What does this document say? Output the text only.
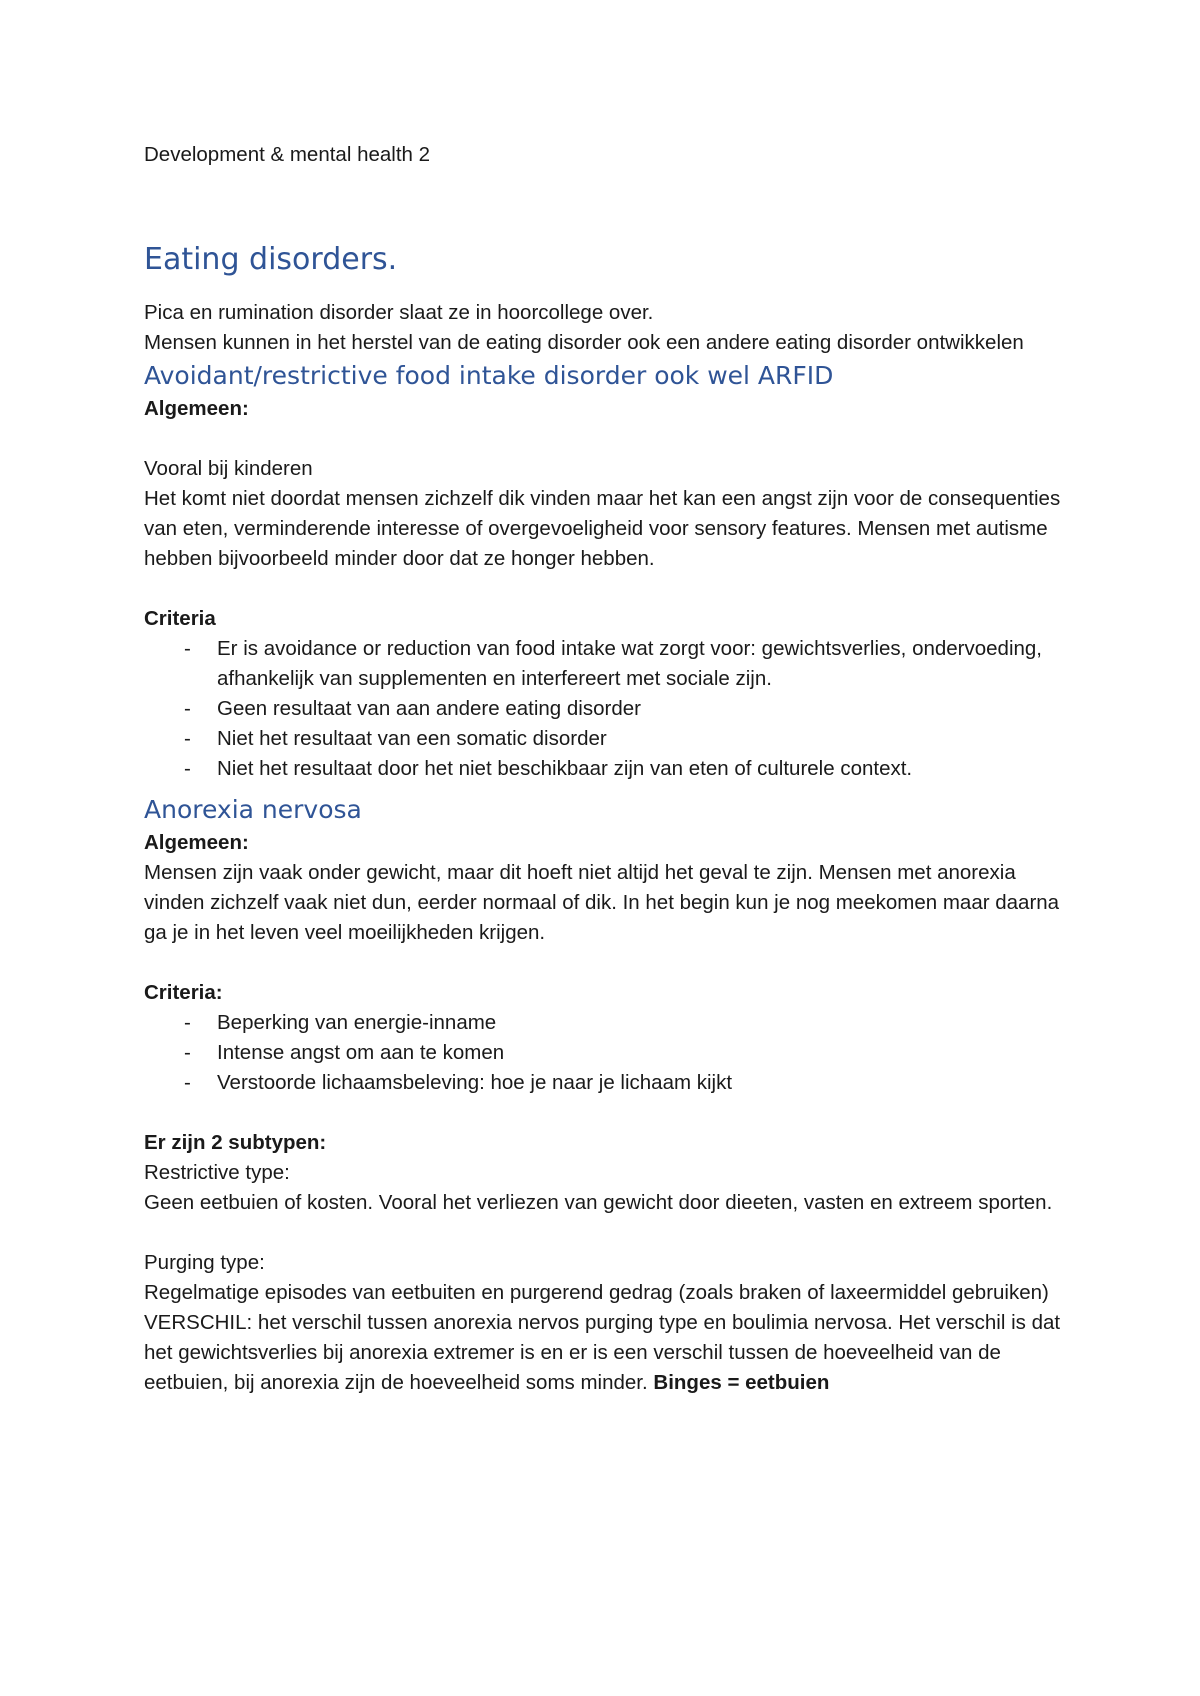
Development & mental health 2

Eating disorders.

Pica en rumination disorder slaat ze in hoorcollege over.

Mensen kunnen in het herstel van de eating disorder ook een andere eating disorder ontwikkelen

Avoidant/restrictive food intake disorder ook wel ARFID

Algemeen:

Vooral bij kinderen

Het komt niet doordat mensen zichzelf dik vinden maar het kan een angst zijn voor de consequenties van eten, verminderende interesse of overgevoeligheid voor sensory features. Mensen met autisme hebben bijvoorbeeld minder door dat ze honger hebben.

Criteria

- Er is avoidance or reduction van food intake wat zorgt voor: gewichtsverlies, ondervoeding, afhankelijk van supplementen en interfereert met sociale zijn.
- Geen resultaat van aan andere eating disorder
- Niet het resultaat van een somatic disorder
- Niet het resultaat door het niet beschikbaar zijn van eten of culturele context.
Anorexia nervosa

Algemeen:

Mensen zijn vaak onder gewicht, maar dit hoeft niet altijd het geval te zijn. Mensen met anorexia vinden zichzelf vaak niet dun, eerder normaal of dik. In het begin kun je nog meekomen maar daarna ga je in het leven veel moeilijkheden krijgen.

Criteria:

- Beperking van energie-inname
- Intense angst om aan te komen
- Verstoorde lichaamsbeleving: hoe je naar je lichaam kijkt

Er zijn 2 subtypen:

Restrictive type:

Geen eetbuien of kosten. Vooral het verliezen van gewicht door dieeten, vasten en extreem sporten.

Purging type:

Regelmatige episodes van eetbuiten en purgerend gedrag (zoals braken of laxeermiddel gebruiken)

VERSCHIL: het verschil tussen anorexia nervos purging type en boulimia nervosa. Het verschil is dat het gewichtsverlies bij anorexia extremer is en er is een verschil tussen de hoeveelheid van de eetbuien, bij anorexia zijn de hoeveelheid soms minder. Binges = eetbuien
